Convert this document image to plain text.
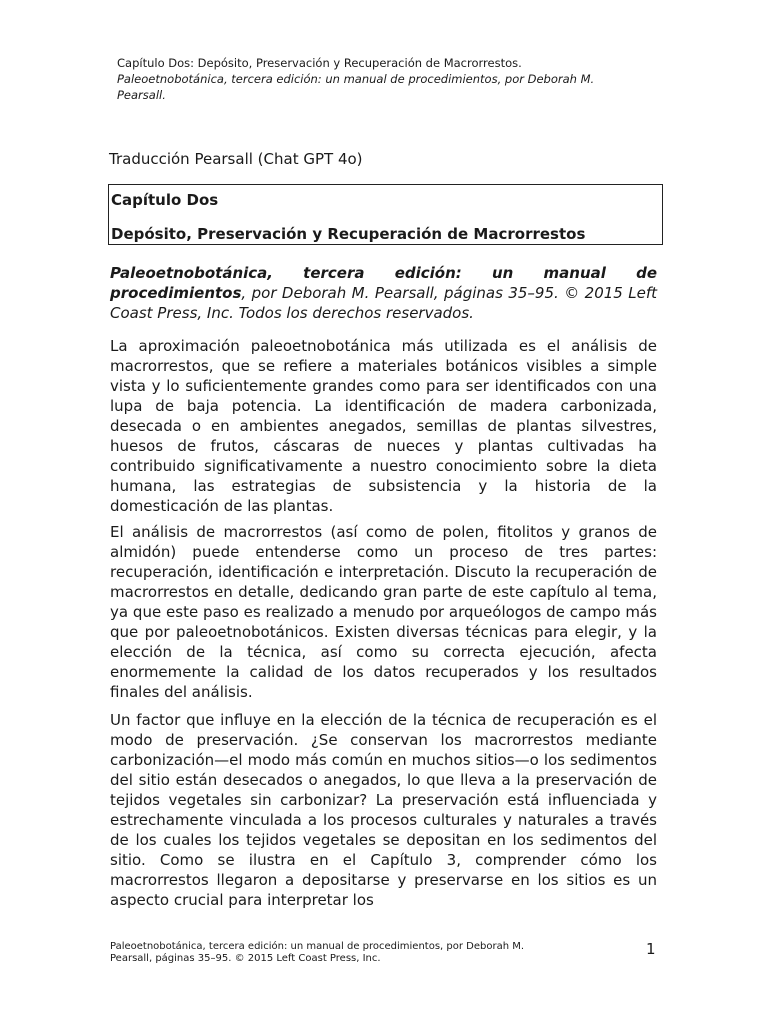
Capítulo Dos: Depósito, Preservación y Recuperación de Macrorrestos.
Paleoetnobotánica, tercera edición: un manual de procedimientos, por Deborah M.
Pearsall.
Traducción Pearsall (Chat GPT 4o)
Capítulo Dos
Depósito, Preservación y Recuperación de Macrorrestos

Paleoetnobotánica, tercera edición: un manual de procedimientos, por Deborah M. Pearsall, páginas 35–95. © 2015 Left Coast Press, Inc. Todos los derechos reservados.

La aproximación paleoetnobotánica más utilizada es el análisis de macrorrestos, que se refiere a materiales botánicos visibles a simple vista y lo suficientemente grandes como para ser identificados con una lupa de baja potencia. La identificación de madera carbonizada, desecada o en ambientes anegados, semillas de plantas silvestres, huesos de frutos, cáscaras de nueces y plantas cultivadas ha contribuido significativamente a nuestro conocimiento sobre la dieta humana, las estrategias de subsistencia y la historia de la domesticación de las plantas.

El análisis de macrorrestos (así como de polen, fitolitos y granos de almidón) puede entenderse como un proceso de tres partes: recuperación, identificación e interpretación. Discuto la recuperación de macrorrestos en detalle, dedicando gran parte de este capítulo al tema, ya que este paso es realizado a menudo por arqueólogos de campo más que por paleoetnobotánicos. Existen diversas técnicas para elegir, y la elección de la técnica, así como su correcta ejecución, afecta enormemente la calidad de los datos recuperados y los resultados finales del análisis.

Un factor que influye en la elección de la técnica de recuperación es el modo de preservación. ¿Se conservan los macrorrestos mediante carbonización—el modo más común en muchos sitios—o los sedimentos del sitio están desecados o anegados, lo que lleva a la preservación de tejidos vegetales sin carbonizar? La preservación está influenciada y estrechamente vinculada a los procesos culturales y naturales a través de los cuales los tejidos vegetales se depositan en los sedimentos del sitio. Como se ilustra en el Capítulo 3, comprender cómo los macrorrestos llegaron a depositarse y preservarse en los sitios es un aspecto crucial para interpretar los

Paleoetnobotánica, tercera edición: un manual de procedimientos, por Deborah M.
Pearsall, páginas 35–95. © 2015 Left Coast Press, Inc.
1
